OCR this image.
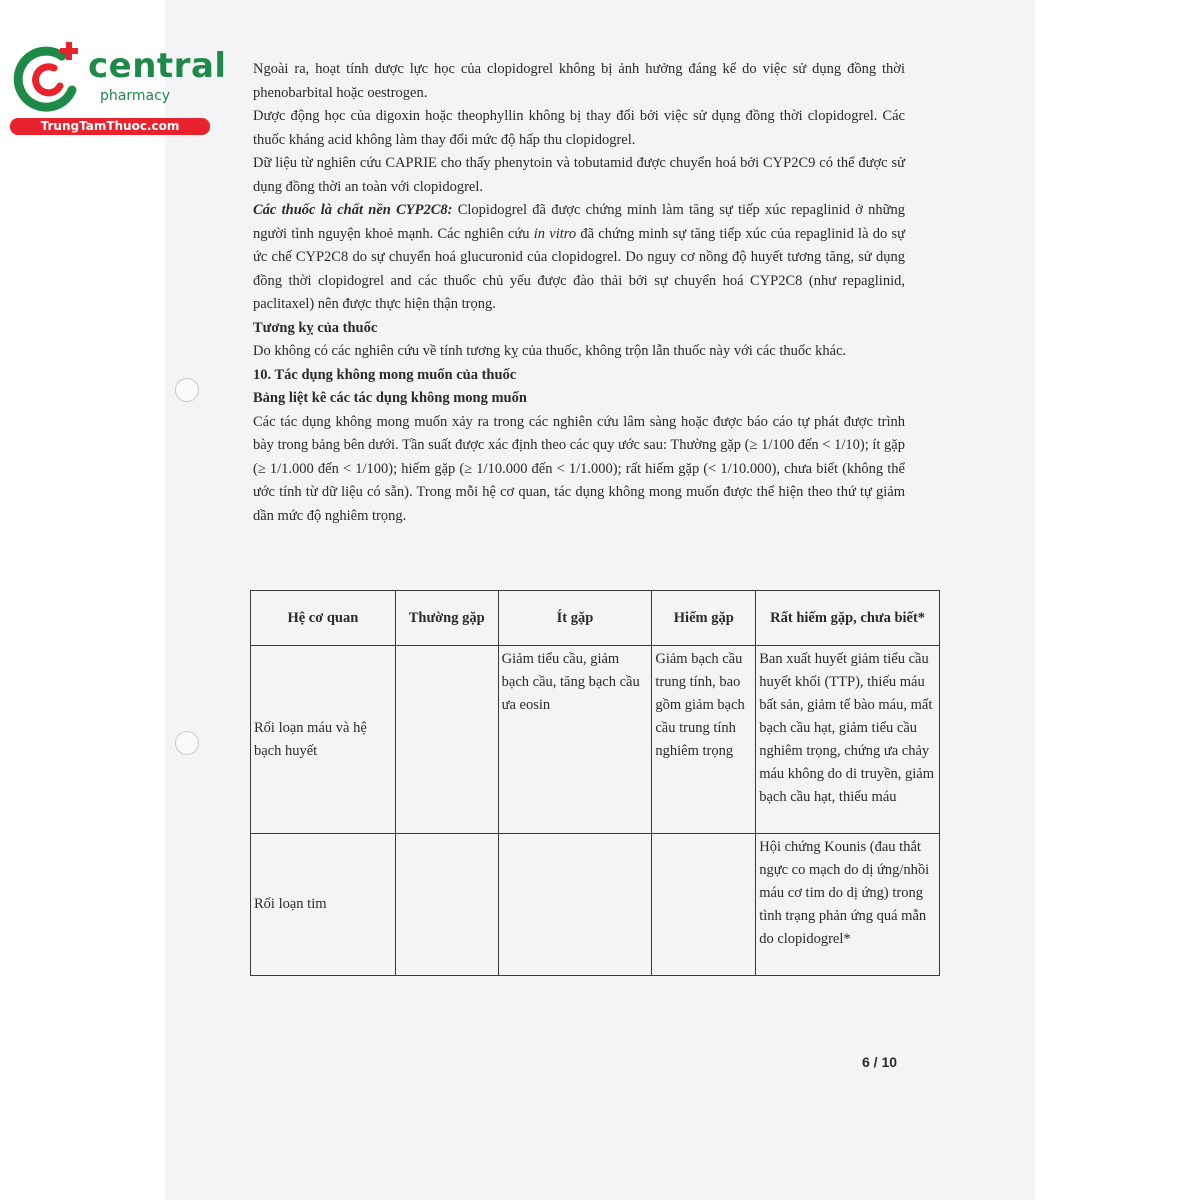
central
pharmacy
TrungTamThuoc.com

Ngoài ra, hoạt tính dược lực học của clopidogrel không bị ảnh hưởng đáng kể do việc sử dụng đồng thời phenobarbital hoặc oestrogen.

Dược động học của digoxin hoặc theophyllin không bị thay đổi bởi việc sử dụng đồng thời clopidogrel. Các thuốc kháng acid không làm thay đổi mức độ hấp thu clopidogrel.

Dữ liệu từ nghiên cứu CAPRIE cho thấy phenytoin và tobutamid được chuyển hoá bởi CYP2C9 có thể được sử dụng đồng thời an toàn với clopidogrel.

Các thuốc là chất nền CYP2C8: Clopidogrel đã được chứng minh làm tăng sự tiếp xúc repaglinid ở những người tình nguyện khoẻ mạnh. Các nghiên cứu in vitro đã chứng minh sự tăng tiếp xúc của repaglinid là do sự ức chế CYP2C8 do sự chuyển hoá glucuronid của clopidogrel. Do nguy cơ nồng độ huyết tương tăng, sử dụng đồng thời clopidogrel and các thuốc chủ yếu được đào thải bởi sự chuyển hoá CYP2C8 (như repaglinid, paclitaxel) nên được thực hiện thận trọng.

Tương kỵ của thuốc

Do không có các nghiên cứu về tính tương kỵ của thuốc, không trộn lẫn thuốc này với các thuốc khác.

10. Tác dụng không mong muốn của thuốc

Bảng liệt kê các tác dụng không mong muốn

Các tác dụng không mong muốn xảy ra trong các nghiên cứu lâm sàng hoặc được báo cáo tự phát được trình bày trong bảng bên dưới. Tần suất được xác định theo các quy ước sau: Thường gặp (≥ 1/100 đến < 1/10); ít gặp (≥ 1/1.000 đến < 1/100); hiếm gặp (≥ 1/10.000 đến < 1/1.000); rất hiếm gặp (< 1/10.000), chưa biết (không thể ước tính từ dữ liệu có sẵn). Trong mỗi hệ cơ quan, tác dụng không mong muốn được thể hiện theo thứ tự giảm dần mức độ nghiêm trọng.

Hệ cơ quan	Thường gặp	Ít gặp	Hiếm gặp	Rất hiếm gặp, chưa biết*
Rối loạn máu và hệ bạch huyết		Giảm tiểu cầu, giảm bạch cầu, tăng bạch cầu ưa eosin	Giảm bạch cầu trung tính, bao gồm giảm bạch cầu trung tính nghiêm trọng	Ban xuất huyết giảm tiểu cầu huyết khối (TTP), thiếu máu bất sản, giảm tế bào máu, mất bạch cầu hạt, giảm tiểu cầu nghiêm trọng, chứng ưa chảy máu không do di truyền, giảm bạch cầu hạt, thiếu máu
Rối loạn tim				Hội chứng Kounis (đau thắt ngực co mạch do dị ứng/nhồi máu cơ tim do dị ứng) trong tình trạng phản ứng quá mẫn do clopidogrel*
6 / 10
